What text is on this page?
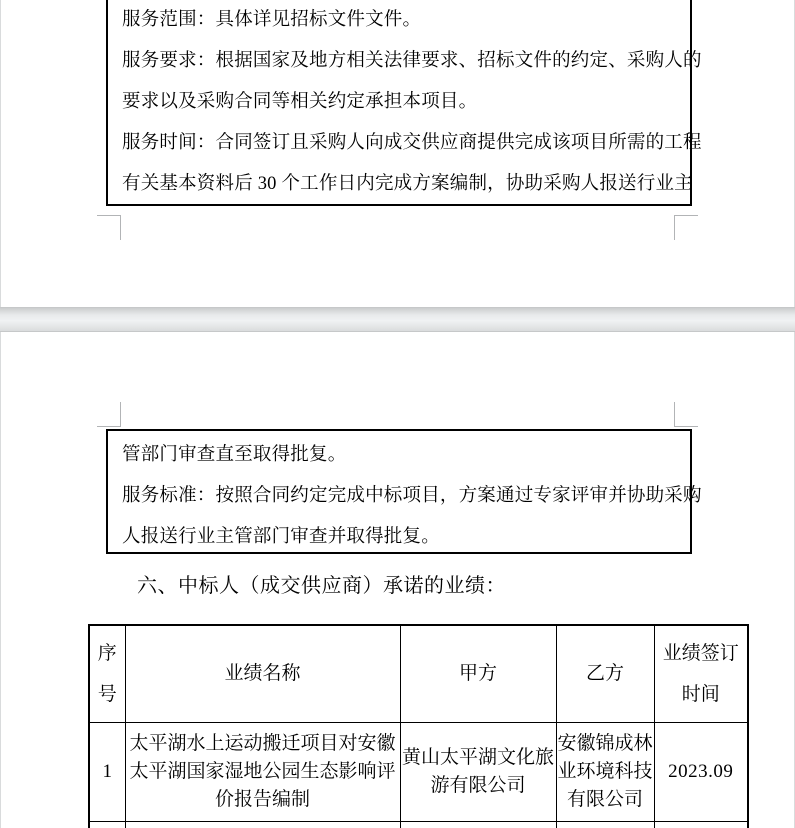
服务范围：具体详见招标文件文件。
服务要求：根据国家及地方相关法律要求、招标文件的约定、采购人的
要求以及采购合同等相关约定承担本项目。
服务时间：合同签订且采购人向成交供应商提供完成该项目所需的工程
有关基本资料后 30 个工作日内完成方案编制，协助采购人报送行业主
管部门审查直至取得批复。
服务标准：按照合同约定完成中标项目，方案通过专家评审并协助采购
人报送行业主管部门审查并取得批复。
六、中标人（成交供应商）承诺的业绩：
序号	业绩名称	甲方	乙方	业绩签订时间
1	太平湖水上运动搬迁项目对安徽太平湖国家湿地公园生态影响评价报告编制	黄山太平湖文化旅游有限公司	安徽锦成林业环境科技有限公司	2023.09
